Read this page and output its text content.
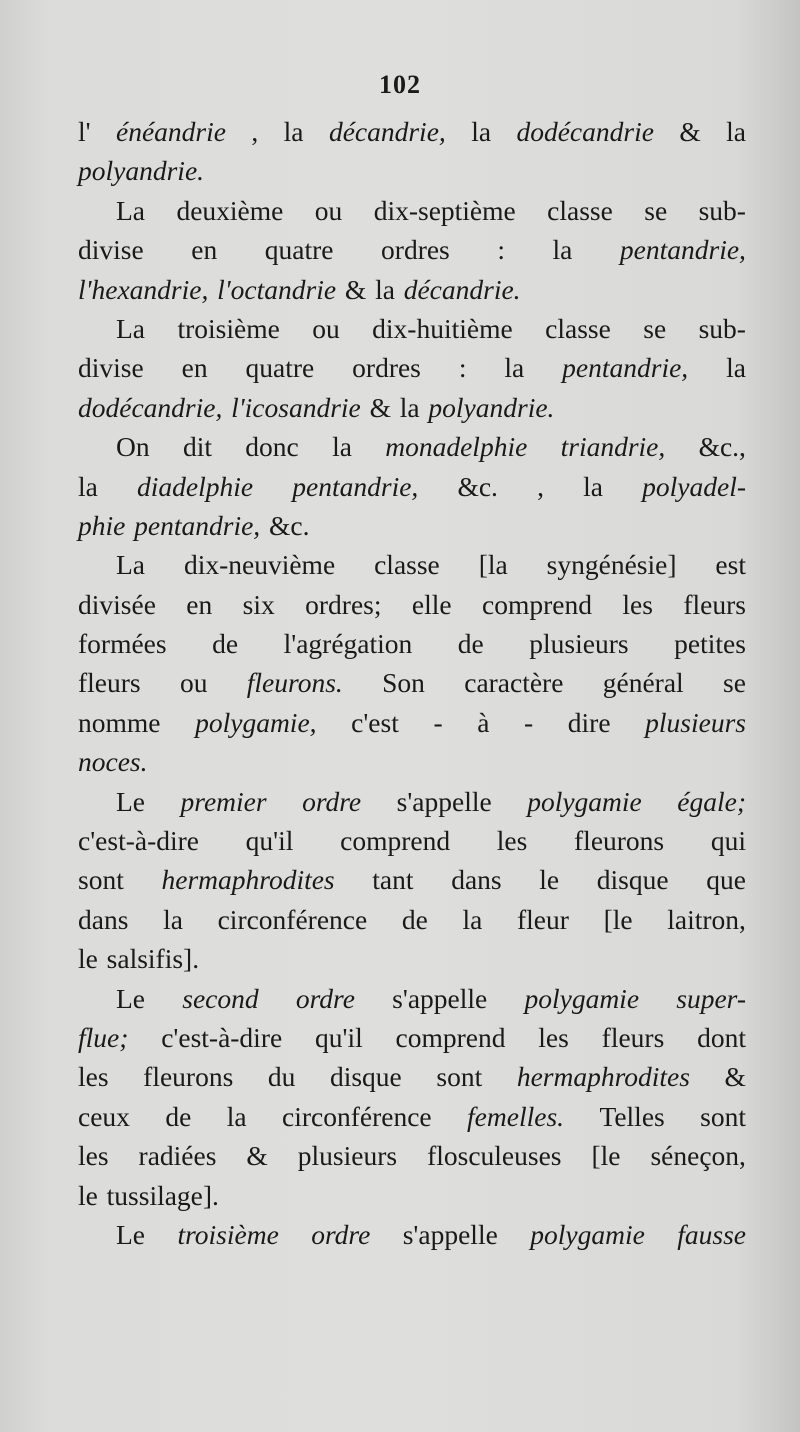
102
l' énéandrie , la décandrie, la dodécandrie & la
polyandrie.
La deuxième ou dix-septième classe se sub-
divise en quatre ordres : la pentandrie,
l'hexandrie, l'octandrie & la décandrie.
La troisième ou dix-huitième classe se sub-
divise en quatre ordres : la pentandrie, la
dodécandrie, l'icosandrie & la polyandrie.
On dit donc la monadelphie triandrie, &c.,
la diadelphie pentandrie, &c. , la polyadel-
phie pentandrie, &c.
La dix-neuvième classe [la syngénésie] est
divisée en six ordres; elle comprend les fleurs
formées de l'agrégation de plusieurs petites
fleurs ou fleurons. Son caractère général se
nomme polygamie, c'est - à - dire plusieurs
noces.
Le premier ordre s'appelle polygamie égale;
c'est-à-dire qu'il comprend les fleurons qui
sont hermaphrodites tant dans le disque que
dans la circonférence de la fleur [le laitron,
le salsifis].
Le second ordre s'appelle polygamie super-
flue; c'est-à-dire qu'il comprend les fleurs dont
les fleurons du disque sont hermaphrodites &
ceux de la circonférence femelles. Telles sont
les radiées & plusieurs flosculeuses [le séneçon,
le tussilage].
Le troisième ordre s'appelle polygamie fausse
